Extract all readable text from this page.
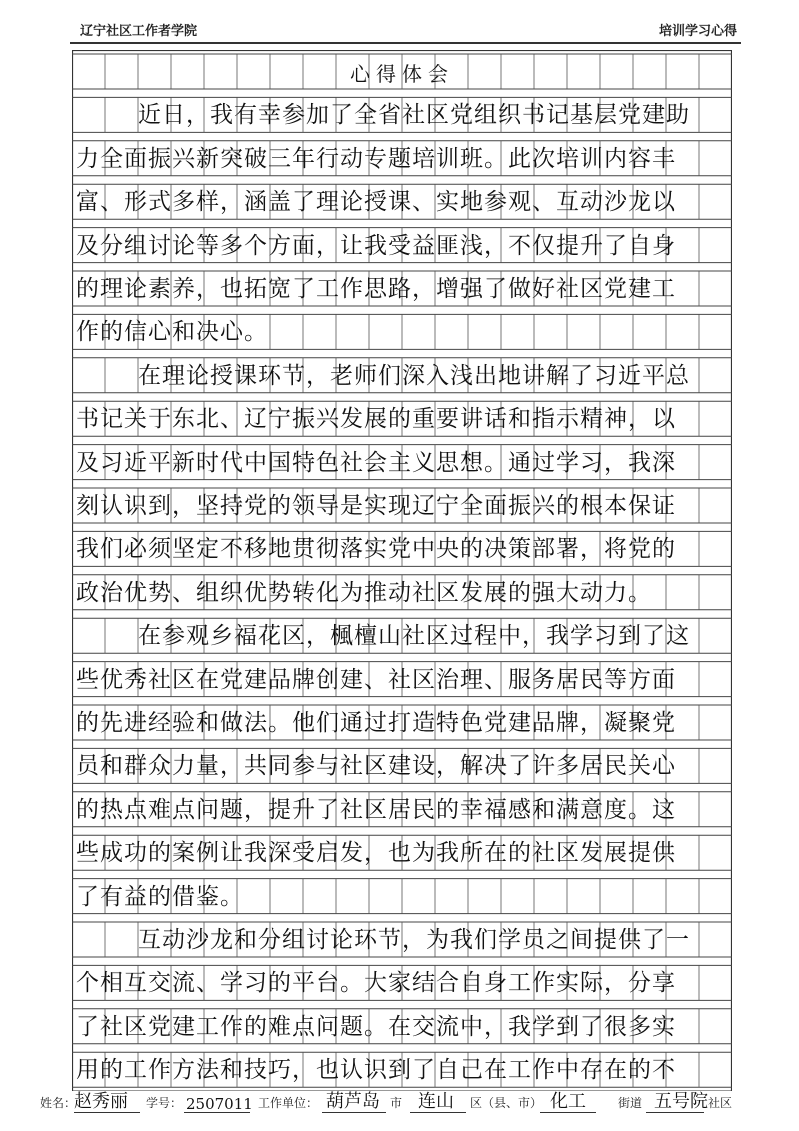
辽宁社区工作者学院	培训学习心得
心得体会
近日，我有幸参加了全省社区党组织书记基层党建助
力全面振兴新突破三年行动专题培训班。此次培训内容丰
富、形式多样，涵盖了理论授课、实地参观、互动沙龙以
及分组讨论等多个方面，让我受益匪浅，不仅提升了自身
的理论素养，也拓宽了工作思路，增强了做好社区党建工
作的信心和决心。
在理论授课环节，老师们深入浅出地讲解了习近平总
书记关于东北、辽宁振兴发展的重要讲话和指示精神，以
及习近平新时代中国特色社会主义思想。通过学习，我深
刻认识到，坚持党的领导是实现辽宁全面振兴的根本保证
我们必须坚定不移地贯彻落实党中央的决策部署，将党的
政治优势、组织优势转化为推动社区发展的强大动力。
在参观乡福花区，楓檀山社区过程中，我学习到了这
些优秀社区在党建品牌创建、社区治理、服务居民等方面
的先进经验和做法。他们通过打造特色党建品牌，凝聚党
员和群众力量，共同参与社区建设，解决了许多居民关心
的热点难点问题，提升了社区居民的幸福感和满意度。这
些成功的案例让我深受启发，也为我所在的社区发展提供
了有益的借鉴。
互动沙龙和分组讨论环节，为我们学员之间提供了一
个相互交流、学习的平台。大家结合自身工作实际，分享
了社区党建工作的难点问题。在交流中，我学到了很多实
用的工作方法和技巧，也认识到了自己在工作中存在的不
姓名：
赵秀丽 学号： 2507011 工作单位： 葫芦岛 市 连山 区（县、市） 化工	街道 五号院 社区
